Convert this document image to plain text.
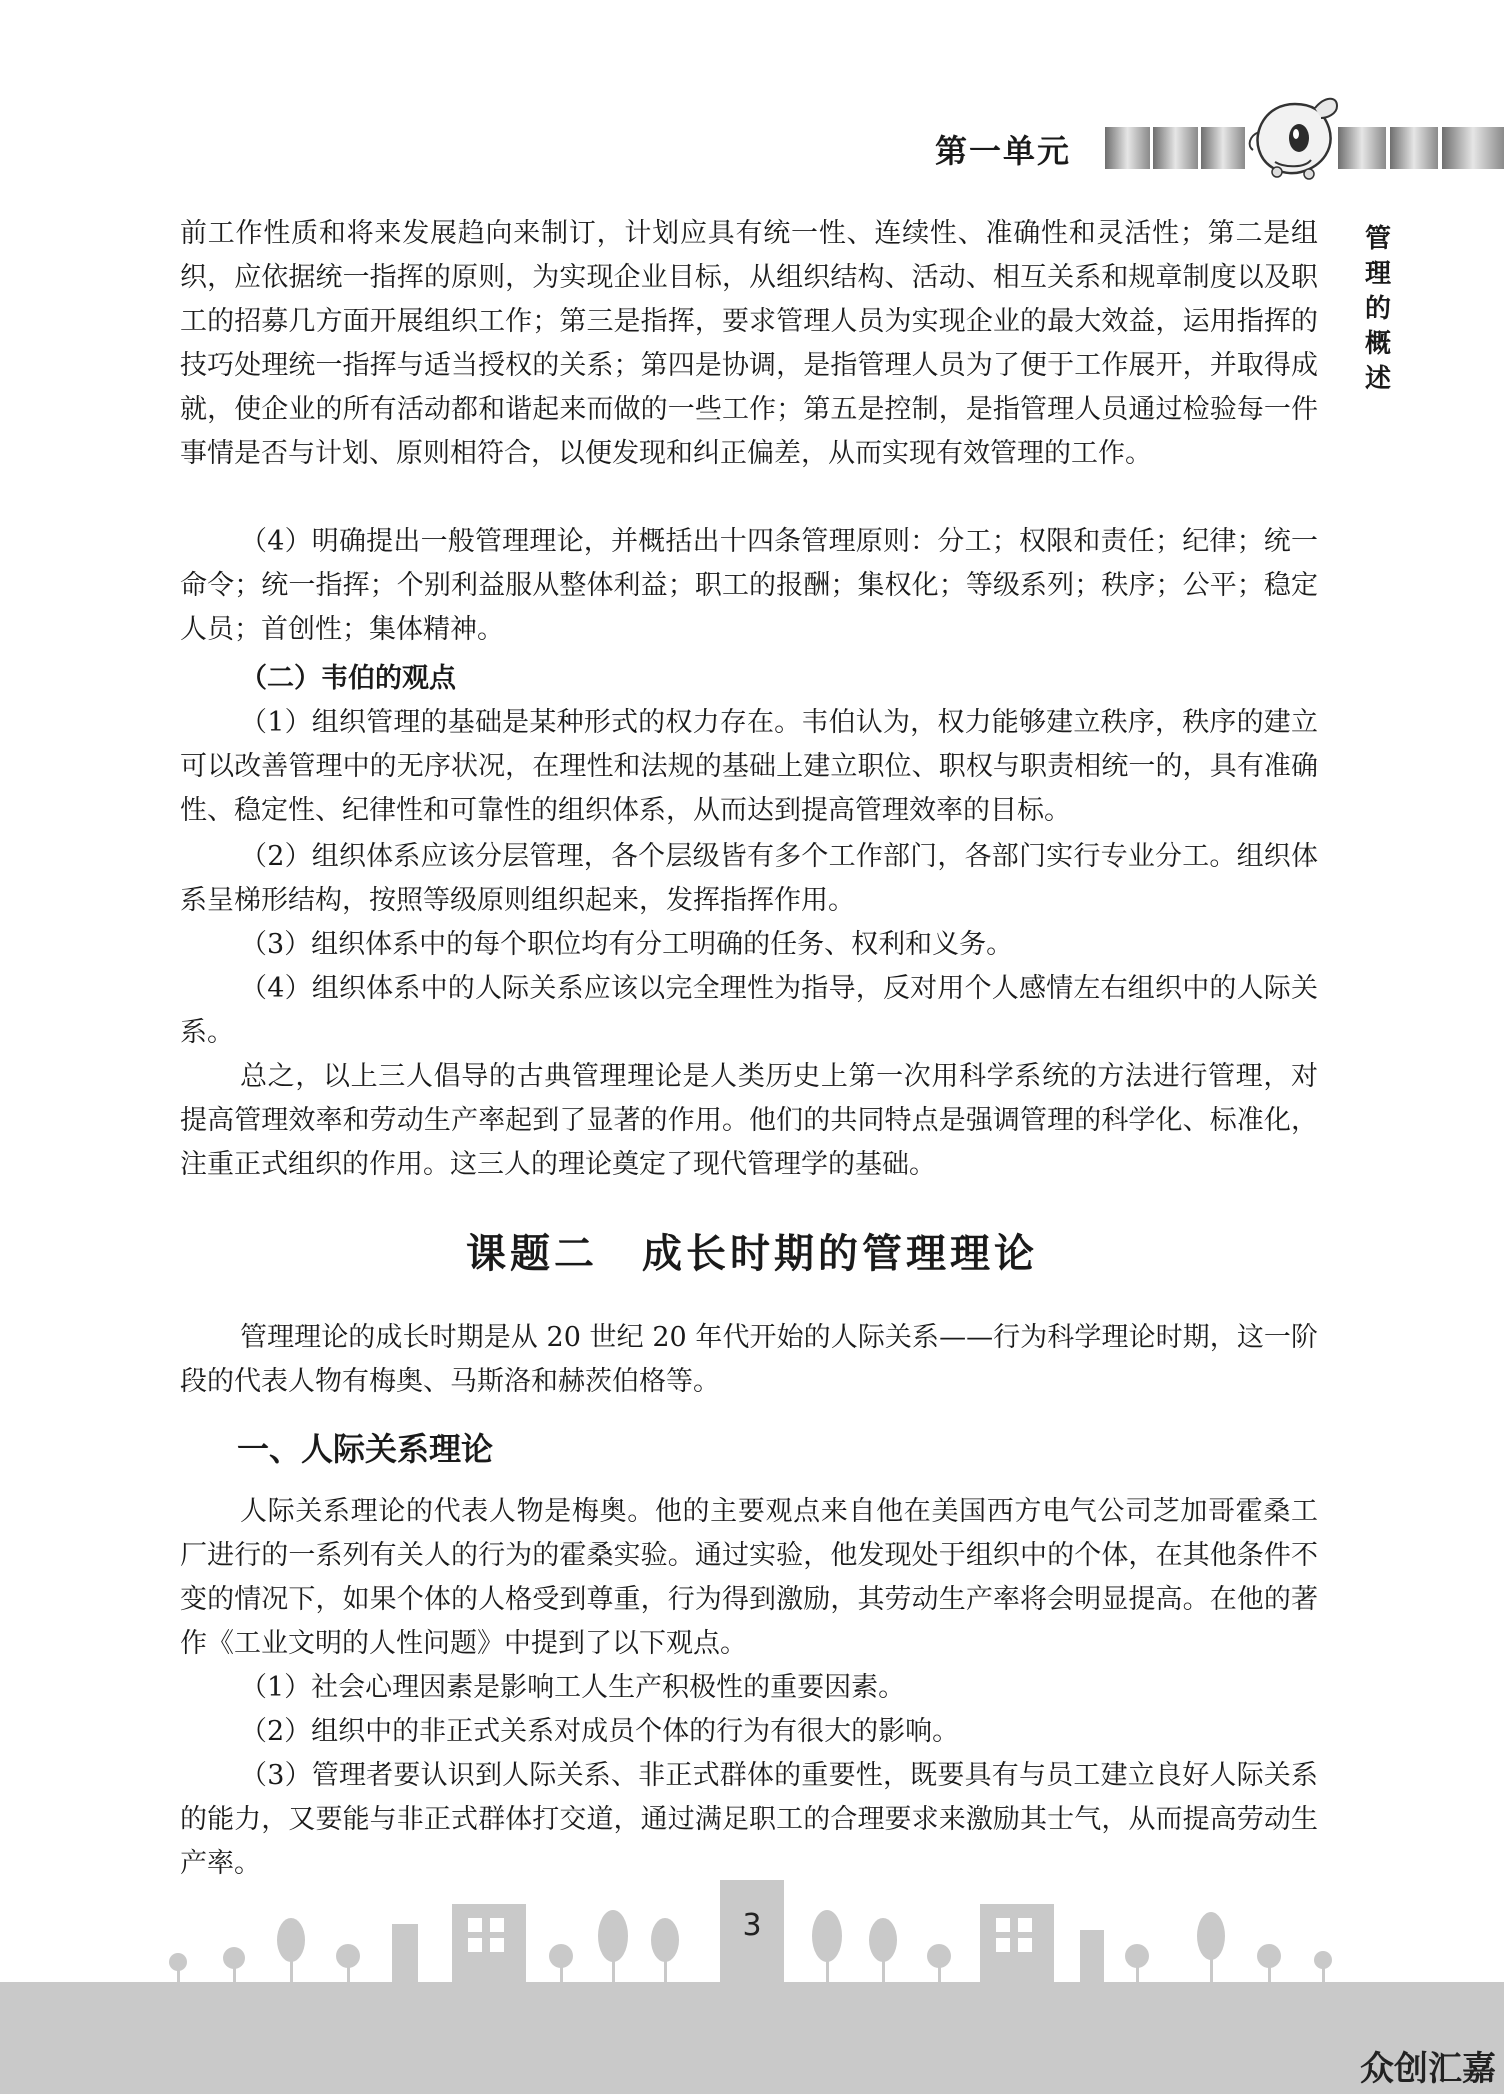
第一单元
管
理
的
概
述

前工作性质和将来发展趋向来制订，计划应具有统一性、连续性、准确性和灵活性；第二是组织，应依据统一指挥的原则，为实现企业目标，从组织结构、活动、相互关系和规章制度以及职工的招募几方面开展组织工作；第三是指挥，要求管理人员为实现企业的最大效益，运用指挥的技巧处理统一指挥与适当授权的关系；第四是协调，是指管理人员为了便于工作展开，并取得成就，使企业的所有活动都和谐起来而做的一些工作；第五是控制，是指管理人员通过检验每一件事情是否与计划、原则相符合，以便发现和纠正偏差，从而实现有效管理的工作。

（4）明确提出一般管理理论，并概括出十四条管理原则：分工；权限和责任；纪律；统一命令；统一指挥；个别利益服从整体利益；职工的报酬；集权化；等级系列；秩序；公平；稳定人员；首创性；集体精神。

（二）韦伯的观点

（1）组织管理的基础是某种形式的权力存在。韦伯认为，权力能够建立秩序，秩序的建立可以改善管理中的无序状况，在理性和法规的基础上建立职位、职权与职责相统一的，具有准确性、稳定性、纪律性和可靠性的组织体系，从而达到提高管理效率的目标。

（2）组织体系应该分层管理，各个层级皆有多个工作部门，各部门实行专业分工。组织体系呈梯形结构，按照等级原则组织起来，发挥指挥作用。

（3）组织体系中的每个职位均有分工明确的任务、权利和义务。

（4）组织体系中的人际关系应该以完全理性为指导，反对用个人感情左右组织中的人际关系。

总之，以上三人倡导的古典管理理论是人类历史上第一次用科学系统的方法进行管理，对提高管理效率和劳动生产率起到了显著的作用。他们的共同特点是强调管理的科学化、标准化，注重正式组织的作用。这三人的理论奠定了现代管理学的基础。

课题二　成长时期的管理理论

管理理论的成长时期是从 20 世纪 20 年代开始的人际关系——行为科学理论时期，这一阶段的代表人物有梅奥、马斯洛和赫茨伯格等。

一、人际关系理论

人际关系理论的代表人物是梅奥。他的主要观点来自他在美国西方电气公司芝加哥霍桑工厂进行的一系列有关人的行为的霍桑实验。通过实验，他发现处于组织中的个体，在其他条件不变的情况下，如果个体的人格受到尊重，行为得到激励，其劳动生产率将会明显提高。在他的著作《工业文明的人性问题》中提到了以下观点。

（1）社会心理因素是影响工人生产积极性的重要因素。

（2）组织中的非正式关系对成员个体的行为有很大的影响。

（3）管理者要认识到人际关系、非正式群体的重要性，既要具有与员工建立良好人际关系的能力，又要能与非正式群体打交道，通过满足职工的合理要求来激励其士气，从而提高劳动生产率。

3
众创汇嘉
